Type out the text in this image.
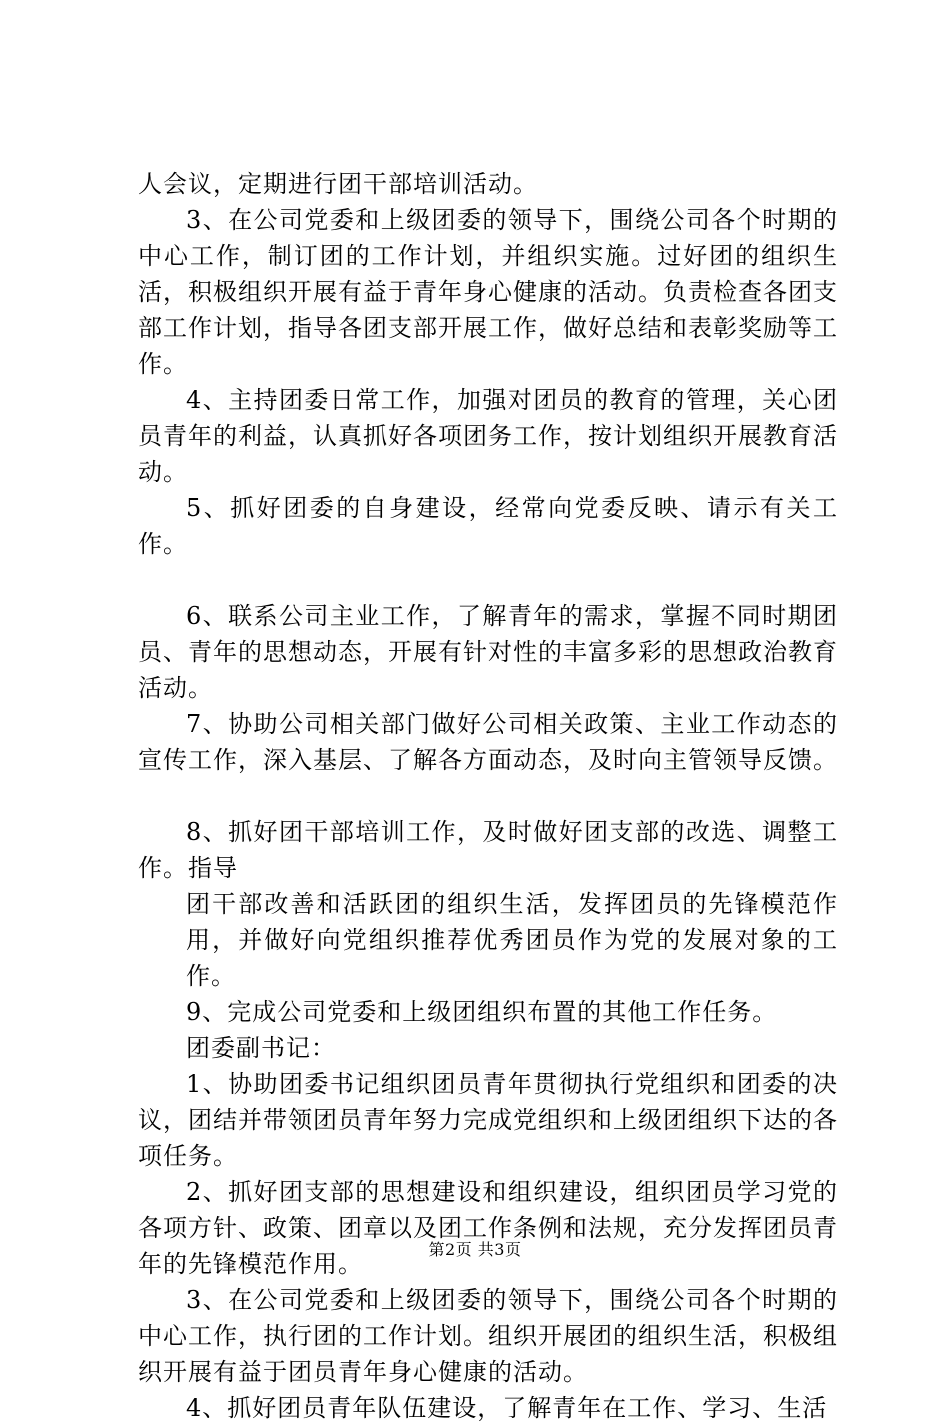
人会议，定期进行团干部培训活动。

3、在公司党委和上级团委的领导下，围绕公司各个时期的中心工作，制订团的工作计划，并组织实施。过好团的组织生活，积极组织开展有益于青年身心健康的活动。负责检查各团支部工作计划，指导各团支部开展工作，做好总结和表彰奖励等工作。

4、主持团委日常工作，加强对团员的教育的管理，关心团员青年的利益，认真抓好各项团务工作，按计划组织开展教育活动。

5、抓好团委的自身建设，经常向党委反映、请示有关工作。

6、联系公司主业工作，了解青年的需求，掌握不同时期团员、青年的思想动态，开展有针对性的丰富多彩的思想政治教育活动。

7、协助公司相关部门做好公司相关政策、主业工作动态的宣传工作，深入基层、了解各方面动态，及时向主管领导反馈。

8、抓好团干部培训工作，及时做好团支部的改选、调整工作。指导

团干部改善和活跃团的组织生活，发挥团员的先锋模范作用，并做好向党组织推荐优秀团员作为党的发展对象的工作。

9、完成公司党委和上级团组织布置的其他工作任务。

团委副书记：

1、协助团委书记组织团员青年贯彻执行党组织和团委的决议，团结并带领团员青年努力完成党组织和上级团组织下达的各项任务。

2、抓好团支部的思想建设和组织建设，组织团员学习党的各项方针、政策、团章以及团工作条例和法规，充分发挥团员青年的先锋模范作用。

3、在公司党委和上级团委的领导下，围绕公司各个时期的中心工作，执行团的工作计划。组织开展团的组织生活，积极组织开展有益于团员青年身心健康的活动。

4、抓好团员青年队伍建设，了解青年在工作、学习、生活

第2页 共3页
